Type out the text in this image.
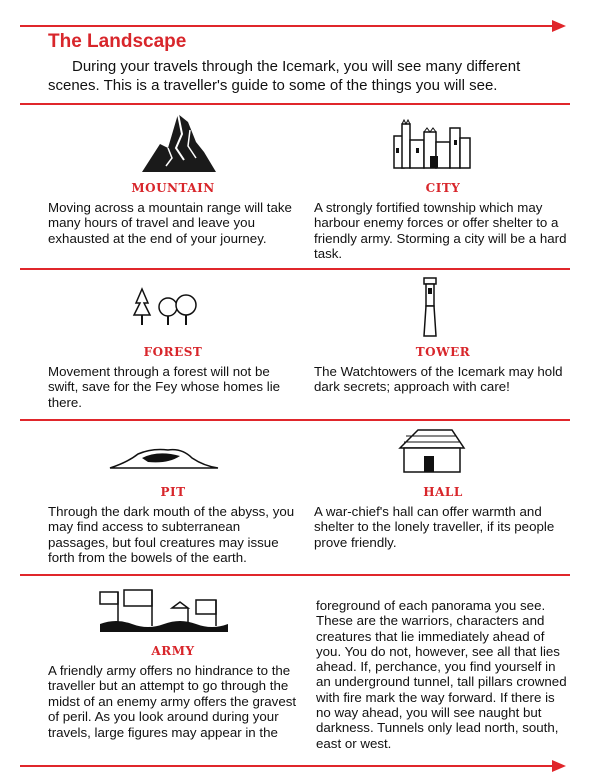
The Landscape
During your travels through the Icemark, you will see many different scenes. This is a traveller's guide to some of the things you will see.
MOUNTAIN
Moving across a mountain range will take many hours of travel and leave you exhausted at the end of your journey.
CITY
A strongly fortified township which may harbour enemy forces or offer shelter to a friendly army. Storming a city will be a hard task.
FOREST
Movement through a forest will not be swift, save for the Fey whose homes lie there.
TOWER
The Watchtowers of the Icemark may hold dark secrets; approach with care!
PIT
Through the dark mouth of the abyss, you may find access to subterranean passages, but foul creatures may issue forth from the bowels of the earth.
HALL
A war-chief's hall can offer warmth and shelter to the lonely traveller, if its people prove friendly.
ARMY
A friendly army offers no hindrance to the traveller but an attempt to go through the midst of an enemy army offers the gravest of peril. As you look around during your travels, large figures may appear in the
foreground of each panorama you see. These are the warriors, characters and creatures that lie immediately ahead of you. You do not, however, see all that lies ahead. If, perchance, you find yourself in an underground tunnel, tall pillars crowned with fire mark the way forward. If there is no way ahead, you will see naught but darkness. Tunnels only lead north, south, east or west.
